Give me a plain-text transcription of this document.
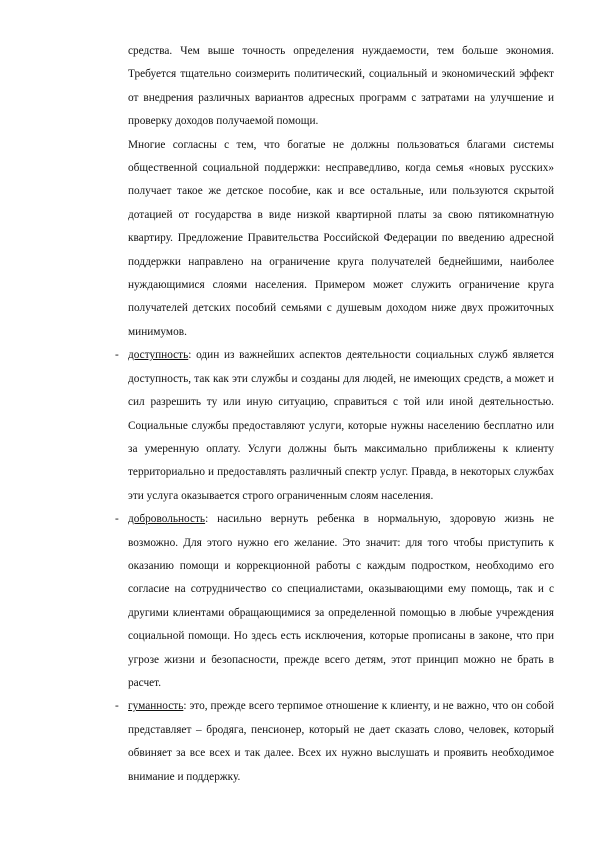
средства. Чем выше точность определения нуждаемости, тем больше экономия. Требуется тщательно соизмерить политический, социальный и экономический эффект от внедрения различных вариантов адресных программ с затратами на улучшение и проверку доходов получаемой помощи.

Многие согласны с тем, что богатые не должны пользоваться благами системы общественной социальной поддержки: несправедливо, когда семья «новых русских» получает такое же детское пособие, как и все остальные, или пользуются скрытой дотацией от государства в виде низкой квартирной платы за свою пятикомнатную квартиру. Предложение Правительства Российской Федерации по введению адресной поддержки направлено на ограничение круга получателей беднейшими, наиболее нуждающимися слоями населения. Примером может служить ограничение круга получателей детских пособий семьями с душевым доходом ниже двух прожиточных минимумов.

- доступность: один из важнейших аспектов деятельности социальных служб является доступность, так как эти службы и созданы для людей, не имеющих средств, а может и сил разрешить ту или иную ситуацию, справиться с той или иной деятельностью. Социальные службы предоставляют услуги, которые нужны населению бесплатно или за умеренную оплату. Услуги должны быть максимально приближены к клиенту территориально и предоставлять различный спектр услуг. Правда, в некоторых службах эти услуга оказывается строго ограниченным слоям населения.
- добровольность: насильно вернуть ребенка в нормальную, здоровую жизнь не возможно. Для этого нужно его желание. Это значит: для того чтобы приступить к оказанию помощи и коррекционной работы с каждым подростком, необходимо его согласие на сотрудничество со специалистами, оказывающими ему помощь, так и с другими клиентами обращающимися за определенной помощью в любые учреждения социальной помощи. Но здесь есть исключения, которые прописаны в законе, что при угрозе жизни и безопасности, прежде всего детям, этот принцип можно не брать в расчет.
- гуманность: это, прежде всего терпимое отношение к клиенту, и не важно, что он собой представляет – бродяга, пенсионер, который не дает сказать слово, человек, который обвиняет за все всех и так далее. Всех их нужно выслушать и проявить необходимое внимание и поддержку.
